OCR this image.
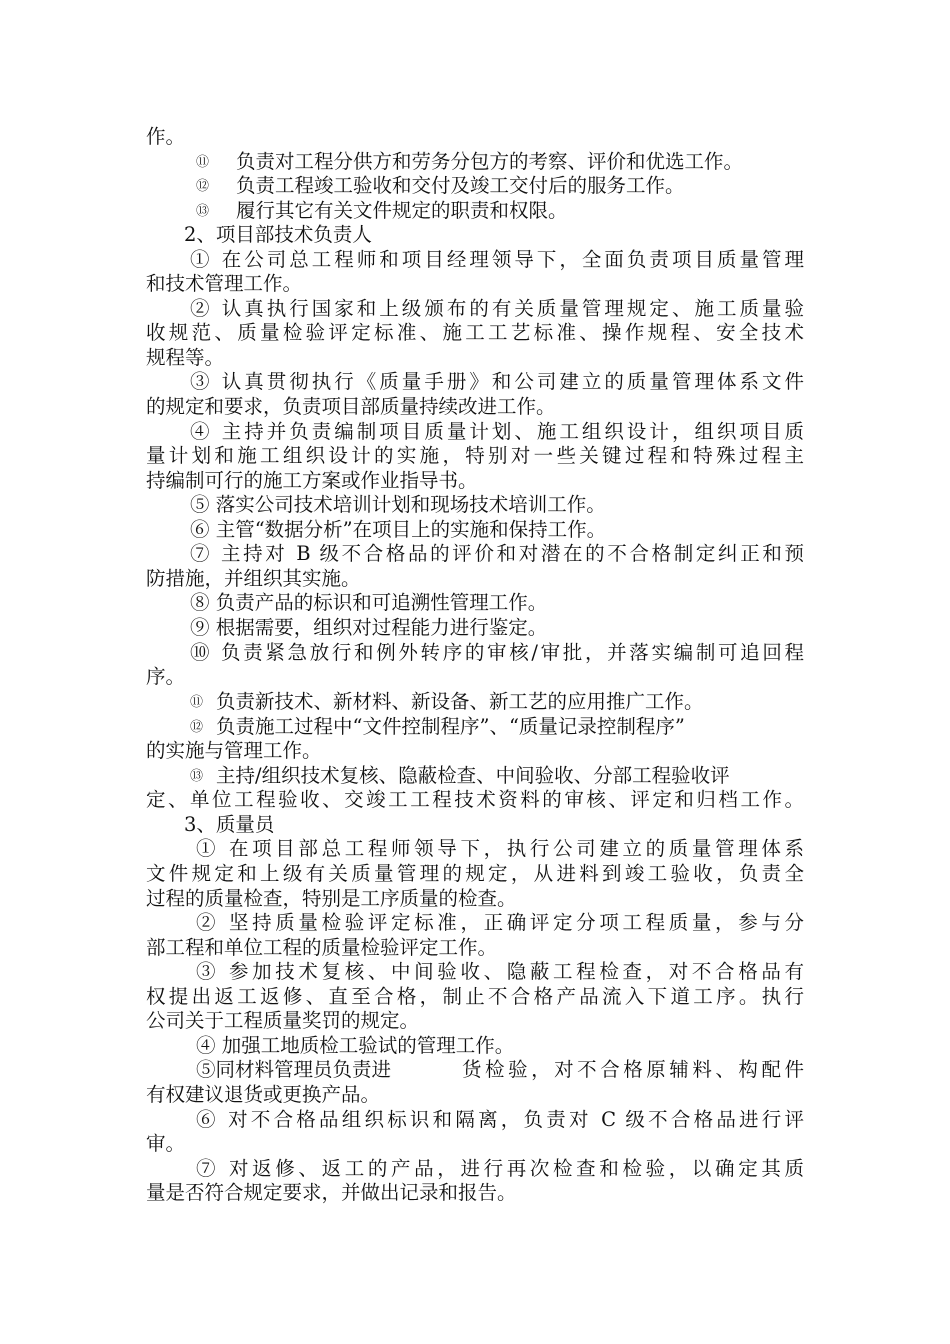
作。
⑪ 负责对工程分供方和劳务分包方的考察、评价和优选工作。
⑫ 负责工程竣工验收和交付及竣工交付后的服务工作。
⑬ 履行其它有关文件规定的职责和权限。
2、项目部技术负责人
① 在公司总工程师和项目经理领导下，全面负责项目质量管理
和技术管理工作。
② 认真执行国家和上级颁布的有关质量管理规定、施工质量验
收规范、质量检验评定标准、施工工艺标准、操作规程、安全技术
规程等。
③ 认真贯彻执行《质量手册》和公司建立的质量管理体系文件
的规定和要求，负责项目部质量持续改进工作。
④ 主持并负责编制项目质量计划、施工组织设计，组织项目质
量计划和施工组织设计的实施，特别对一些关键过程和特殊过程主
持编制可行的施工方案或作业指导书。
⑤ 落实公司技术培训计划和现场技术培训工作。
⑥ 主管“数据分析”在项目上的实施和保持工作。
⑦ 主持对 B 级不合格品的评价和对潜在的不合格制定纠正和预
防措施，并组织其实施。
⑧ 负责产品的标识和可追溯性管理工作。
⑨ 根据需要，组织对过程能力进行鉴定。
⑩ 负责紧急放行和例外转序的审核/审批，并落实编制可追回程
序。
⑪ 负责新技术、新材料、新设备、新工艺的应用推广工作。
⑫ 负责施工过程中“文件控制程序”、“质量记录控制程序”
的实施与管理工作。
⑬ 主持/组织技术复核、隐蔽检查、中间验收、分部工程验收评
定、单位工程验收、交竣工工程技术资料的审核、评定和归档工作。
3、质量员
① 在项目部总工程师领导下，执行公司建立的质量管理体系
文件规定和上级有关质量管理的规定，从进料到竣工验收，负责全
过程的质量检查，特别是工序质量的检查。
② 坚持质量检验评定标准，正确评定分项工程质量，参与分
部工程和单位工程的质量检验评定工作。
③ 参加技术复核、中间验收、隐蔽工程检查，对不合格品有
权提出返工返修、直至合格，制止不合格产品流入下道工序。执行
公司关于工程质量奖罚的规定。
④ 加强工地质检工验试的管理工作。
⑤同材料管理员负责进	货检验，对不合格原辅料、构配件
有权建议退货或更换产品。
⑥ 对不合格品组织标识和隔离，负责对 C 级不合格品进行评
审。
⑦ 对返修、返工的产品，进行再次检查和检验，以确定其质
量是否符合规定要求，并做出记录和报告。
